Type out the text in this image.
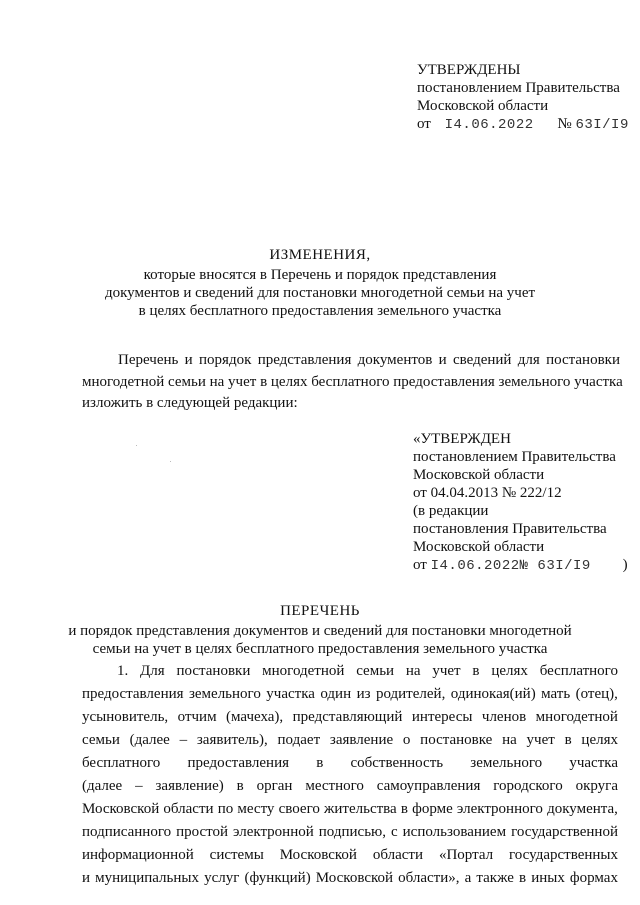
УТВЕРЖДЕНЫ
постановлением Правительства
Московской области
от I4.06.2022 № 63I/I9
ИЗМЕНЕНИЯ,
которые вносятся в Перечень и порядок представления
документов и сведений для постановки многодетной семьи на учет
в целях бесплатного предоставления земельного участка
Перечень и порядок представления документов и сведений для постановки
многодетной семьи на учет в целях бесплатного предоставления земельного участка
изложить в следующей редакции:
«УТВЕРЖДЕН
постановлением Правительства
Московской области
от 04.04.2013 № 222/12
(в редакции
постановления Правительства
Московской области
от I4.06.2022№ 63I/I9 )
ПЕРЕЧЕНЬ
и порядок представления документов и сведений для постановки многодетной
семьи на учет в целях бесплатного предоставления земельного участка
1. Для постановки многодетной семьи на учет в целях бесплатного
предоставления земельного участка один из родителей, одинокая(ий) мать (отец),
усыновитель, отчим (мачеха), представляющий интересы членов многодетной
семьи (далее – заявитель), подает заявление о постановке на учет в целях
бесплатного предоставления в собственность земельного участка
(далее – заявление) в орган местного самоуправления городского округа
Московской области по месту своего жительства в форме электронного документа,
подписанного простой электронной подписью, с использованием государственной
информационной системы Московской области «Портал государственных
и муниципальных услуг (функций) Московской области», а также в иных формах
